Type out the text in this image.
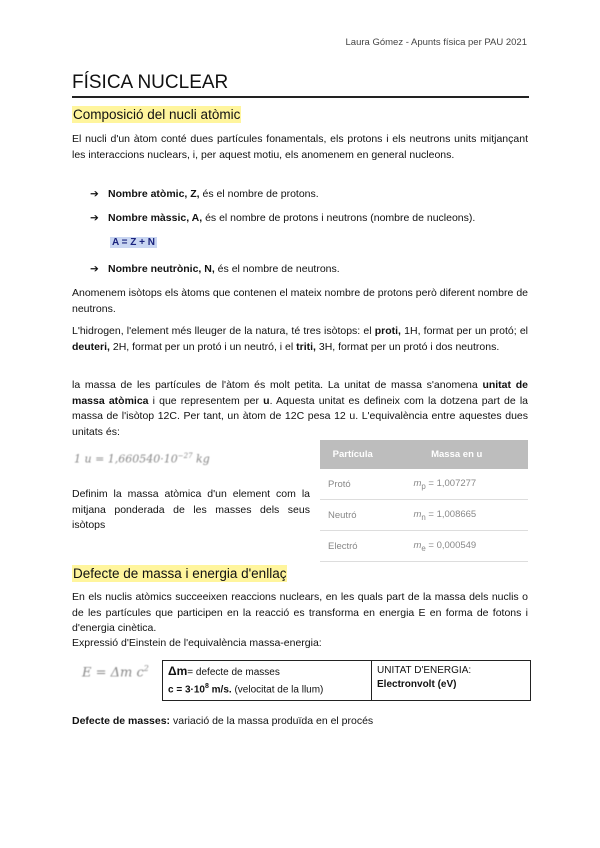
Laura Gómez - Apunts física per PAU 2021
FÍSICA NUCLEAR
Composició del nucli atòmic
El nucli d'un àtom conté dues partícules fonamentals, els protons i els neutrons units mitjançant les interaccions nuclears, i, per aquest motiu, els anomenem en general nucleons.
➔ Nombre atòmic, Z, és el nombre de protons.
➔ Nombre màssic, A, és el nombre de protons i neutrons (nombre de nucleons).
A = Z + N
➔ Nombre neutrònic, N, és el nombre de neutrons.
Anomenem isòtops els àtoms que contenen el mateix nombre de protons però diferent nombre de neutrons.
L'hidrogen, l'element més lleuger de la natura, té tres isòtops: el proti, 1H, format per un protó; el deuteri, 2H, format per un protó i un neutró, i el triti, 3H, format per un protó i dos neutrons.
la massa de les partícules de l'àtom és molt petita. La unitat de massa s'anomena unitat de massa atòmica i que representem per u. Aquesta unitat es defineix com la dotzena part de la massa de l'isòtop 12C. Per tant, un àtom de 12C pesa 12 u. L'equivalència entre aquestes dues unitats és:
1 $u = 1,660540\cdot 10^{-27}$ kg
Definim la massa atòmica d'un element com la mitjana ponderada de les masses dels seus isòtops
Partícula	Massa en u
Protó	$m_p = 1,007277$
Neutró	$m_n = 1,008665$
Electró	$m_e = 0,000549$
Defecte de massa i energia d'enllaç
En els nuclis atòmics succeeixen reaccions nuclears, en les quals part de la massa dels nuclis o de les partícules que participen en la reacció es transforma en energia E en forma de fotons i d'energia cinètica.
Expressió d'Einstein de l'equivalència massa-energia:
E = Δm $c^2$ Δm= defecte de masses
$c = 3\cdot 10^8$ m/s. (velocitat de la llum)

UNITAT D'ENERGIA:
Electronvolt (eV)
Defecte de masses: variació de la massa produïda en el procés
